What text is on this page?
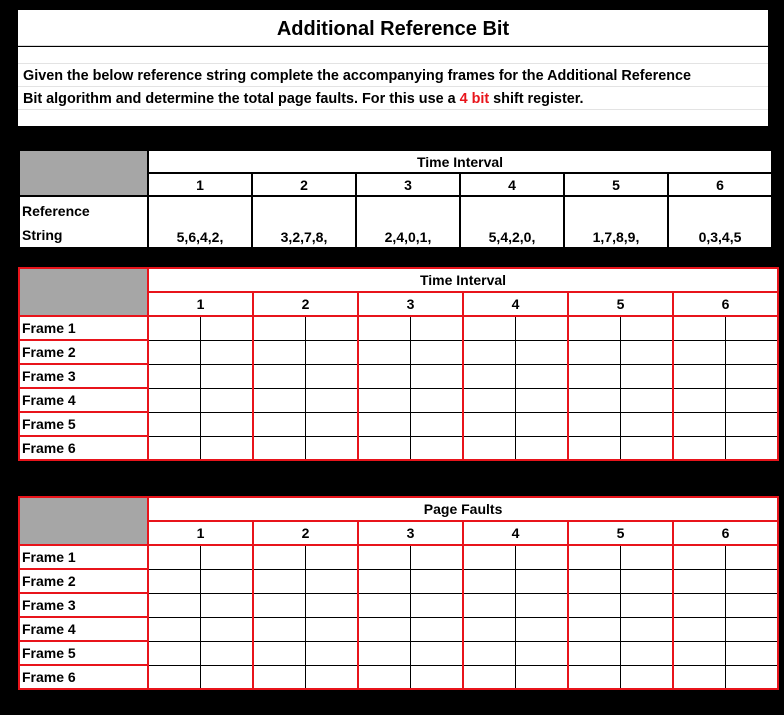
Additional Reference Bit
Given the below reference string complete the accompanying frames for the Additional Reference
Bit algorithm and determine the total page faults. For this use a 4 bit shift register.
	Time Interval					
	1	2	3	4	5	6

Reference
String	5,6,4,2,	3,2,7,8,	2,4,0,1,	5,4,2,0,	1,7,8,9,	0,3,4,5
	Time Interval											
	1		2		3		4		5		6	
Frame 1												
Frame 2												
Frame 3												
Frame 4												
Frame 5												
Frame 6												
	Page Faults											
	1		2		3		4		5		6	
Frame 1												
Frame 2												
Frame 3												
Frame 4												
Frame 5												
Frame 6												
